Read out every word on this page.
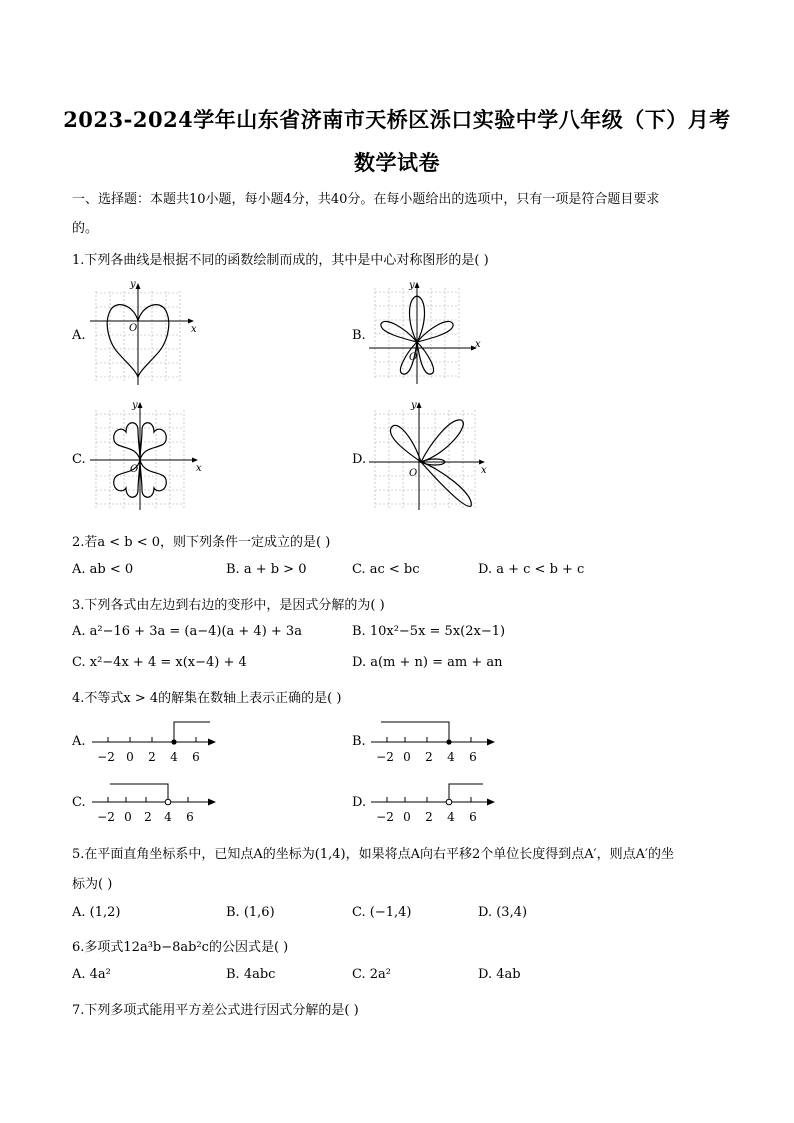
2023-2024学年山东省济南市天桥区泺口实验中学八年级（下）月考
数学试卷
一、选择题：本题共10小题，每小题4分，共40分。在每小题给出的选项中，只有一项是符合题目要求
的。
1.下列各曲线是根据不同的函数绘制而成的，其中是中心对称图形的是( )
A.
y
x
O	B.
y
x
O
C.
y
x
O
D.
y
x
O
2.若a < b < 0，则下列条件一定成立的是( )
A. ab < 0	B. a + b > 0	C. ac < bc	D. a + c < b + c
3.下列各式由左边到右边的变形中，是因式分解的为( )
A. a²−16 + 3a = (a−4)(a + 4) + 3a	B. 10x²−5x = 5x(2x−1)
C. x²−4x + 4 = x(x−4) + 4	D. a(m + n) = am + an
4.不等式x > 4的解集在数轴上表示正确的是( )
A.
−2 0 2 4 6
B.
−2 0 2 4 6
C.
−2 0 2 4 6
D.
−2 0 2 4 6
5.在平面直角坐标系中，已知点A的坐标为(1,4)，如果将点A向右平移2个单位长度得到点A′，则点A′的坐
标为( )
A. (1,2)	B. (1,6)	C. (−1,4)	D. (3,4)
6.多项式12a³b−8ab²c的公因式是( )
A. 4a²	B. 4abc	C. 2a²	D. 4ab
7.下列多项式能用平方差公式进行因式分解的是( )
